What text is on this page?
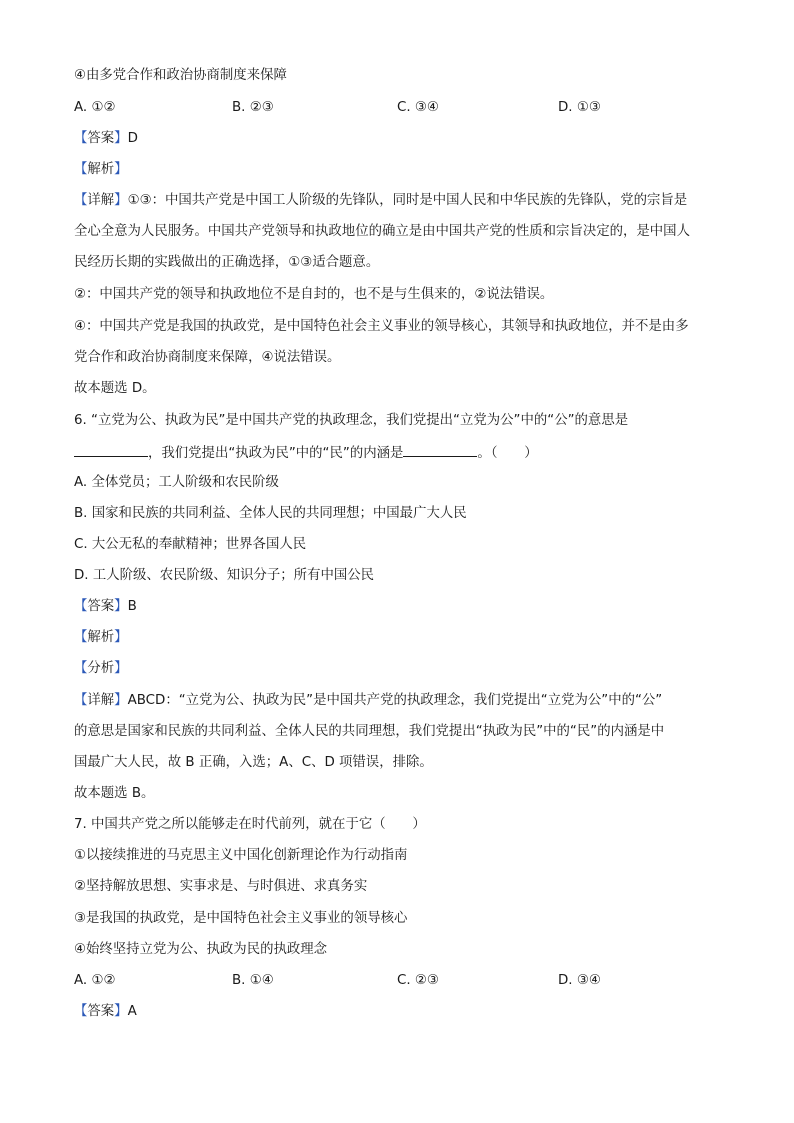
④由多党合作和政治协商制度来保障
A. ①②	B. ②③	C. ③④	D. ①③
【答案】D
【解析】
【详解】①③：中国共产党是中国工人阶级的先锋队，同时是中国人民和中华民族的先锋队，党的宗旨是
全心全意为人民服务。中国共产党领导和执政地位的确立是由中国共产党的性质和宗旨决定的，是中国人
民经历长期的实践做出的正确选择，①③适合题意。
②：中国共产党的领导和执政地位不是自封的，也不是与生俱来的，②说法错误。
④：中国共产党是我国的执政党，是中国特色社会主义事业的领导核心，其领导和执政地位，并不是由多
党合作和政治协商制度来保障，④说法错误。
故本题选 D。
6. “立党为公、执政为民”是中国共产党的执政理念，我们党提出“立党为公”中的“公”的意思是
，我们党提出“执政为民”中的“民”的内涵是	。（　　）
A. 全体党员；工人阶级和农民阶级
B. 国家和民族的共同利益、全体人民的共同理想；中国最广大人民
C. 大公无私的奉献精神；世界各国人民
D. 工人阶级、农民阶级、知识分子；所有中国公民
【答案】B
【解析】
【分析】
【详解】ABCD：“立党为公、执政为民”是中国共产党的执政理念，我们党提出“立党为公”中的“公”
的意思是国家和民族的共同利益、全体人民的共同理想，我们党提出“执政为民”中的“民”的内涵是中
国最广大人民，故 B 正确，入选；A、C、D 项错误，排除。
故本题选 B。
7. 中国共产党之所以能够走在时代前列，就在于它（　　）
①以接续推进的马克思主义中国化创新理论作为行动指南
②坚持解放思想、实事求是、与时俱进、求真务实
③是我国的执政党，是中国特色社会主义事业的领导核心
④始终坚持立党为公、执政为民的执政理念
A. ①②	B. ①④	C. ②③	D. ③④
【答案】A
